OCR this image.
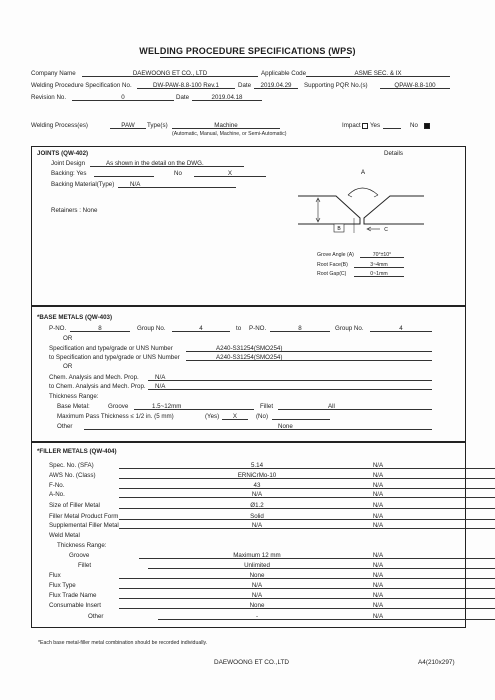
WELDING PROCEDURE SPECIFICATIONS (WPS)
Company Name	DAEWOONG ET CO., LTD	Applicable Code	ASME SEC. & IX
Welding Procedure Specification No.	DW-PAW-8.8-100 Rev.1	Date	2019.04.29	Supporting PQR No.(s)	QPAW-8.8-100
Revision No.	0	Date	2019.04.18
Welding Process(es)	PAW	Type(s)	Machine
(Automatic, Manual, Machine, or Semi-Automatic)
Impact Yes	No
JOINTS (QW-402)	Details
Joint Design	As shown in the detail on the DWG.
Backing: Yes	No	X
Backing Material(Type)	N/A
Retainers : None
A
B	C
Grove Angle (A)	70°±10°
Root Face(B)	3~4mm
Root Gap(C)	0~1mm
*BASE METALS (QW-403)
P-NO.	8	Group No.	4	to P-NO.	8	Group No.	4
OR
Specification and type/grade or UNS Number	A240-S31254(SMO254)
to Specification and type/grade or UNS Number	A240-S31254(SMO254)
OR
Chem. Analysis and Mech. Prop.	N/A
to Chem. Analysis and Mech. Prop. N/A
Thickness Range:
Base Metal:	Groove	1.5~12mm	Fillet	All
Maximum Pass Thickness ≤ 1/2 in. (5 mm)	(Yes)	X	(No)
Other	None
*FILLER METALS (QW-404)
Spec. No. (SFA)	5.14	N/A
AWS No. (Class)	ERNiCrMo-10	N/A
F-No.	43	N/A
A-No.	N/A	N/A
Size of Filler Metal	Ø1.2	N/A
Filler Metal Product Form	Solid	N/A
Supplemental Filler Metal	N/A	N/A
Groove	Maximum 12 mm	N/A
Fillet	Unlimited	N/A
Flux	None	N/A
Flux Type	N/A	N/A
Flux Trade Name	N/A	N/A
Consumable Insert	None	N/A
Other	-	N/A
Weld Metal
Thickness Range:
*Each base metal-filler metal combination should be recorded individually.
DAEWOONG ET CO.,LTD	A4(210x297)
